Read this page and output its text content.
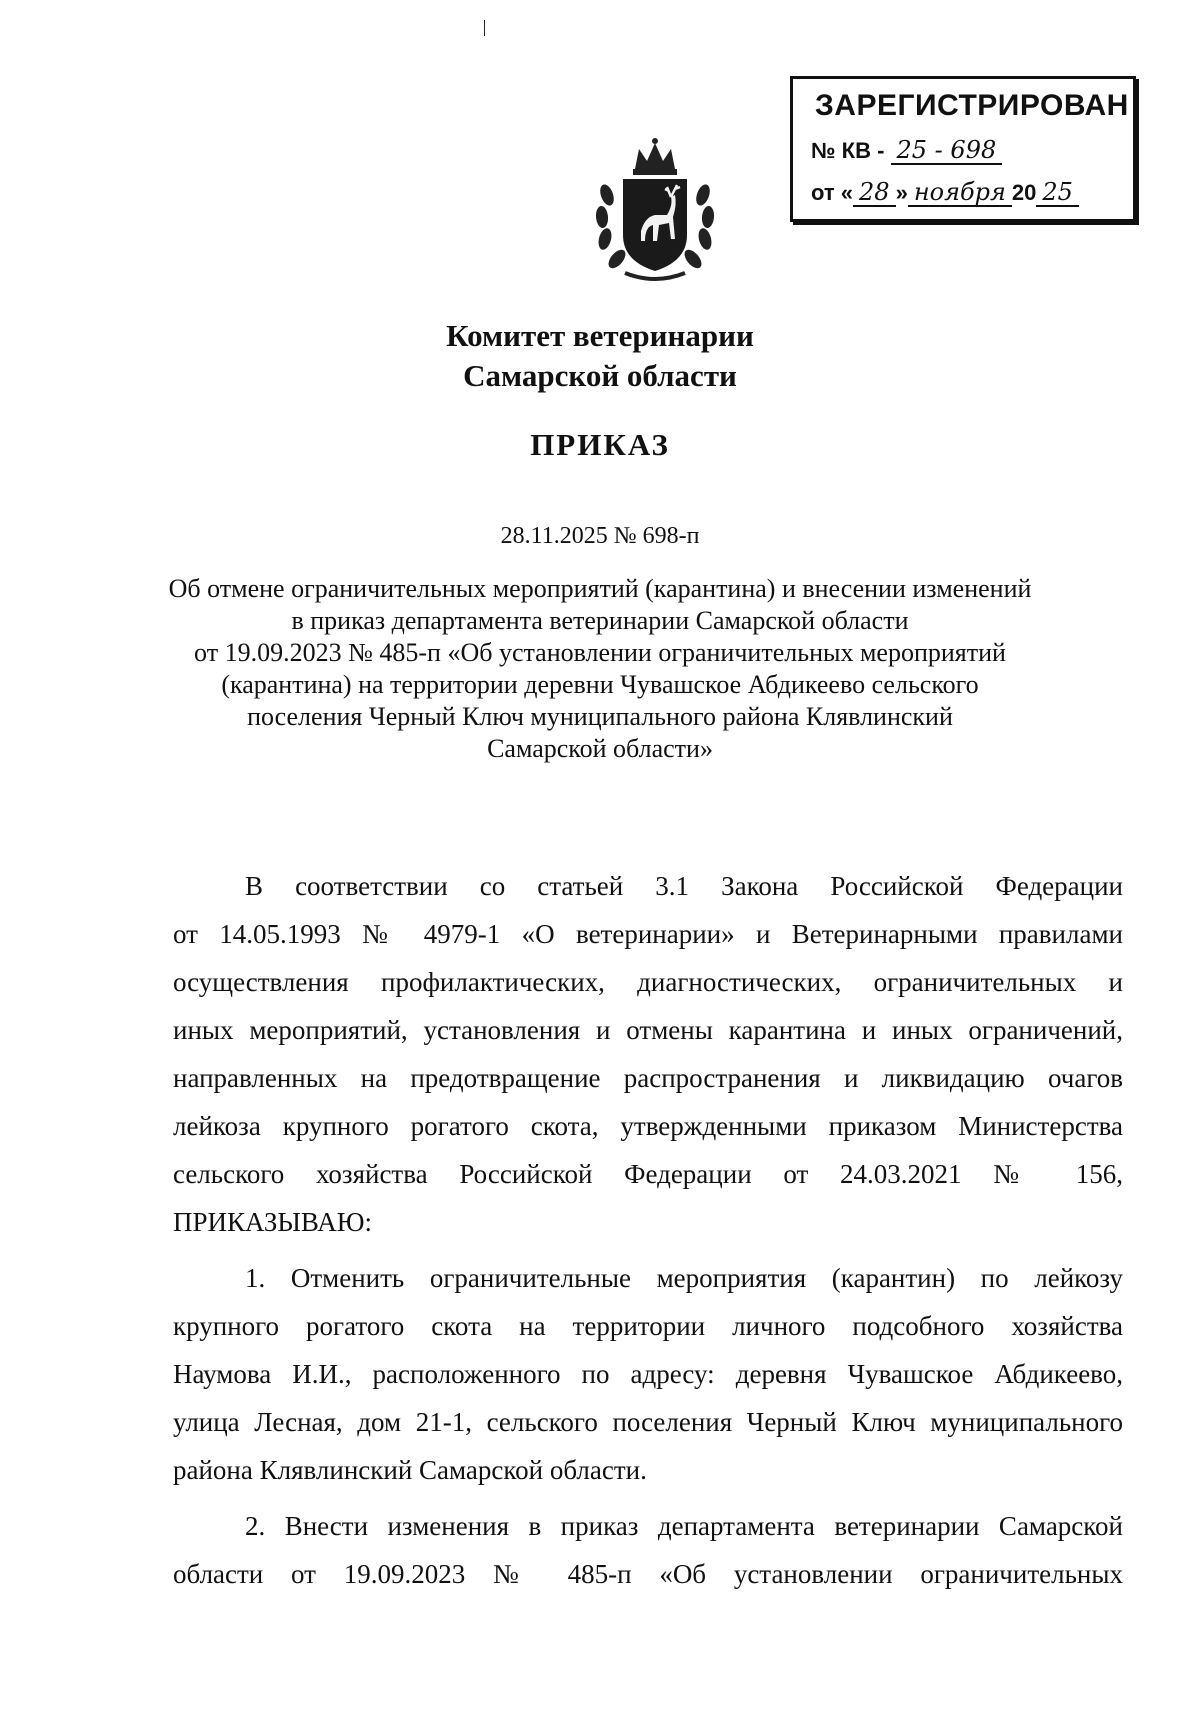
ЗАРЕГИСТРИРОВАН
№ КВ - 25 - 698
от « 28 » ноября 20 25
Комитет ветеринарии
Самарской области
ПРИКАЗ
28.11.2025 № 698-п
Об отмене ограничительных мероприятий (карантина) и внесении изменений
в приказ департамента ветеринарии Самарской области
от 19.09.2023 № 485-п «Об установлении ограничительных мероприятий
(карантина) на территории деревни Чувашское Абдикеево сельского
поселения Черный Ключ муниципального района Клявлинский
Самарской области»
В соответствии со статьей 3.1 Закона Российской Федерации
от 14.05.1993 № 4979-1 «О ветеринарии» и Ветеринарными правилами
осуществления профилактических, диагностических, ограничительных и
иных мероприятий, установления и отмены карантина и иных ограничений,
направленных на предотвращение распространения и ликвидацию очагов
лейкоза крупного рогатого скота, утвержденными приказом Министерства
сельского хозяйства Российской Федерации от 24.03.2021 № 156,
ПРИКАЗЫВАЮ:
1. Отменить ограничительные мероприятия (карантин) по лейкозу
крупного рогатого скота на территории личного подсобного хозяйства
Наумова И.И., расположенного по адресу: деревня Чувашское Абдикеево,
улица Лесная, дом 21-1, сельского поселения Черный Ключ муниципального
района Клявлинский Самарской области.
2. Внести изменения в приказ департамента ветеринарии Самарской
области от 19.09.2023 № 485-п «Об установлении ограничительных
